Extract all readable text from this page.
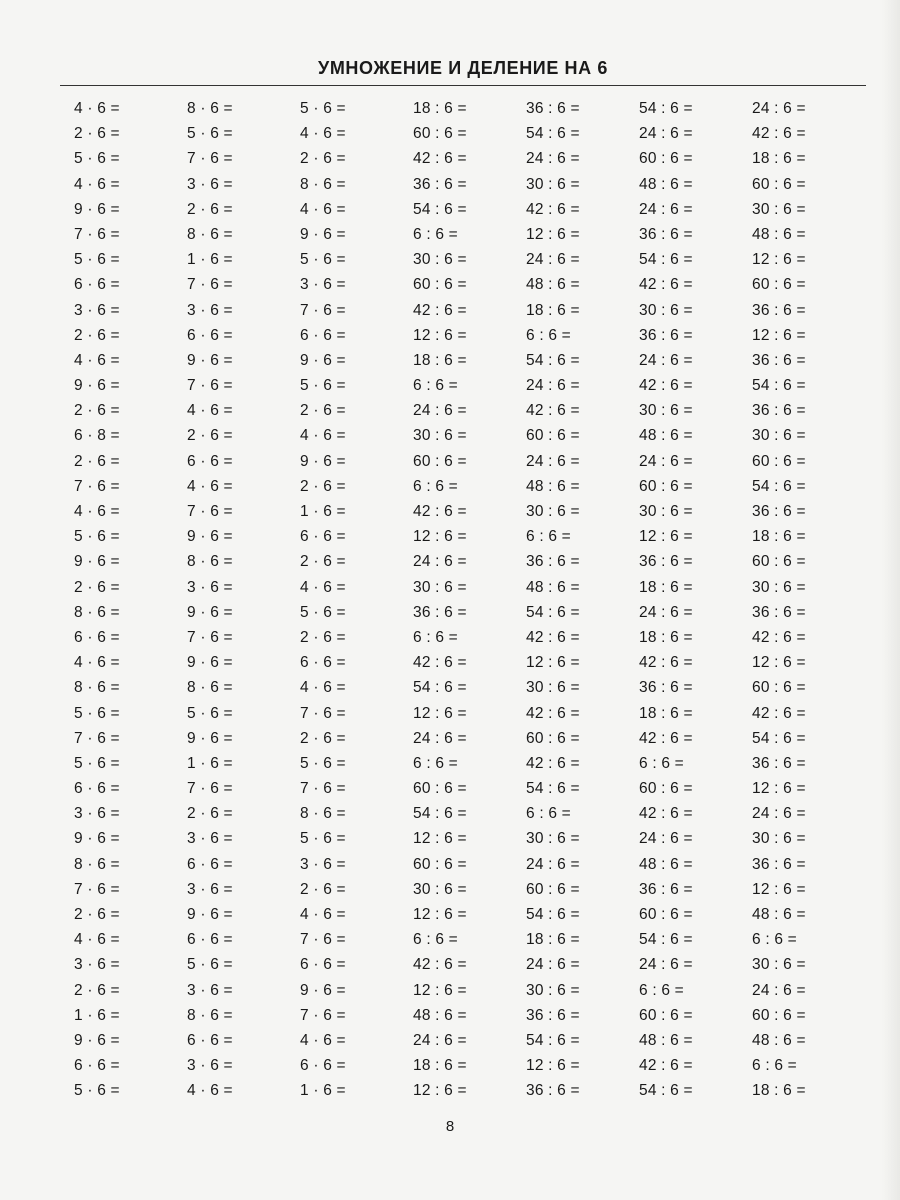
УМНОЖЕНИЕ И ДЕЛЕНИЕ НА 6
4 · 6 =	8 · 6 =	5 · 6 =	18 : 6 =	36 : 6 =	54 : 6 =	24 : 6 =
2 · 6 =	5 · 6 =	4 · 6 =	60 : 6 =	54 : 6 =	24 : 6 =	42 : 6 =
5 · 6 =	7 · 6 =	2 · 6 =	42 : 6 =	24 : 6 =	60 : 6 =	18 : 6 =
4 · 6 =	3 · 6 =	8 · 6 =	36 : 6 =	30 : 6 =	48 : 6 =	60 : 6 =
9 · 6 =	2 · 6 =	4 · 6 =	54 : 6 =	42 : 6 =	24 : 6 =	30 : 6 =
7 · 6 =	8 · 6 =	9 · 6 =	6 : 6 =	12 : 6 =	36 : 6 =	48 : 6 =
5 · 6 =	1 · 6 =	5 · 6 =	30 : 6 =	24 : 6 =	54 : 6 =	12 : 6 =
6 · 6 =	7 · 6 =	3 · 6 =	60 : 6 =	48 : 6 =	42 : 6 =	60 : 6 =
3 · 6 =	3 · 6 =	7 · 6 =	42 : 6 =	18 : 6 =	30 : 6 =	36 : 6 =
2 · 6 =	6 · 6 =	6 · 6 =	12 : 6 =	6 : 6 =	36 : 6 =	12 : 6 =
4 · 6 =	9 · 6 =	9 · 6 =	18 : 6 =	54 : 6 =	24 : 6 =	36 : 6 =
9 · 6 =	7 · 6 =	5 · 6 =	6 : 6 =	24 : 6 =	42 : 6 =	54 : 6 =
2 · 6 =	4 · 6 =	2 · 6 =	24 : 6 =	42 : 6 =	30 : 6 =	36 : 6 =
6 · 8 =	2 · 6 =	4 · 6 =	30 : 6 =	60 : 6 =	48 : 6 =	30 : 6 =
2 · 6 =	6 · 6 =	9 · 6 =	60 : 6 =	24 : 6 =	24 : 6 =	60 : 6 =
7 · 6 =	4 · 6 =	2 · 6 =	6 : 6 =	48 : 6 =	60 : 6 =	54 : 6 =
4 · 6 =	7 · 6 =	1 · 6 =	42 : 6 =	30 : 6 =	30 : 6 =	36 : 6 =
5 · 6 =	9 · 6 =	6 · 6 =	12 : 6 =	6 : 6 =	12 : 6 =	18 : 6 =
9 · 6 =	8 · 6 =	2 · 6 =	24 : 6 =	36 : 6 =	36 : 6 =	60 : 6 =
2 · 6 =	3 · 6 =	4 · 6 =	30 : 6 =	48 : 6 =	18 : 6 =	30 : 6 =
8 · 6 =	9 · 6 =	5 · 6 =	36 : 6 =	54 : 6 =	24 : 6 =	36 : 6 =
6 · 6 =	7 · 6 =	2 · 6 =	6 : 6 =	42 : 6 =	18 : 6 =	42 : 6 =
4 · 6 =	9 · 6 =	6 · 6 =	42 : 6 =	12 : 6 =	42 : 6 =	12 : 6 =
8 · 6 =	8 · 6 =	4 · 6 =	54 : 6 =	30 : 6 =	36 : 6 =	60 : 6 =
5 · 6 =	5 · 6 =	7 · 6 =	12 : 6 =	42 : 6 =	18 : 6 =	42 : 6 =
7 · 6 =	9 · 6 =	2 · 6 =	24 : 6 =	60 : 6 =	42 : 6 =	54 : 6 =
5 · 6 =	1 · 6 =	5 · 6 =	6 : 6 =	42 : 6 =	6 : 6 =	36 : 6 =
6 · 6 =	7 · 6 =	7 · 6 =	60 : 6 =	54 : 6 =	60 : 6 =	12 : 6 =
3 · 6 =	2 · 6 =	8 · 6 =	54 : 6 =	6 : 6 =	42 : 6 =	24 : 6 =
9 · 6 =	3 · 6 =	5 · 6 =	12 : 6 =	30 : 6 =	24 : 6 =	30 : 6 =
8 · 6 =	6 · 6 =	3 · 6 =	60 : 6 =	24 : 6 =	48 : 6 =	36 : 6 =
7 · 6 =	3 · 6 =	2 · 6 =	30 : 6 =	60 : 6 =	36 : 6 =	12 : 6 =
2 · 6 =	9 · 6 =	4 · 6 =	12 : 6 =	54 : 6 =	60 : 6 =	48 : 6 =
4 · 6 =	6 · 6 =	7 · 6 =	6 : 6 =	18 : 6 =	54 : 6 =	6 : 6 =
3 · 6 =	5 · 6 =	6 · 6 =	42 : 6 =	24 : 6 =	24 : 6 =	30 : 6 =
2 · 6 =	3 · 6 =	9 · 6 =	12 : 6 =	30 : 6 =	6 : 6 =	24 : 6 =
1 · 6 =	8 · 6 =	7 · 6 =	48 : 6 =	36 : 6 =	60 : 6 =	60 : 6 =
9 · 6 =	6 · 6 =	4 · 6 =	24 : 6 =	54 : 6 =	48 : 6 =	48 : 6 =
6 · 6 =	3 · 6 =	6 · 6 =	18 : 6 =	12 : 6 =	42 : 6 =	6 : 6 =
5 · 6 =	4 · 6 =	1 · 6 =	12 : 6 =	36 : 6 =	54 : 6 =	18 : 6 =
8
